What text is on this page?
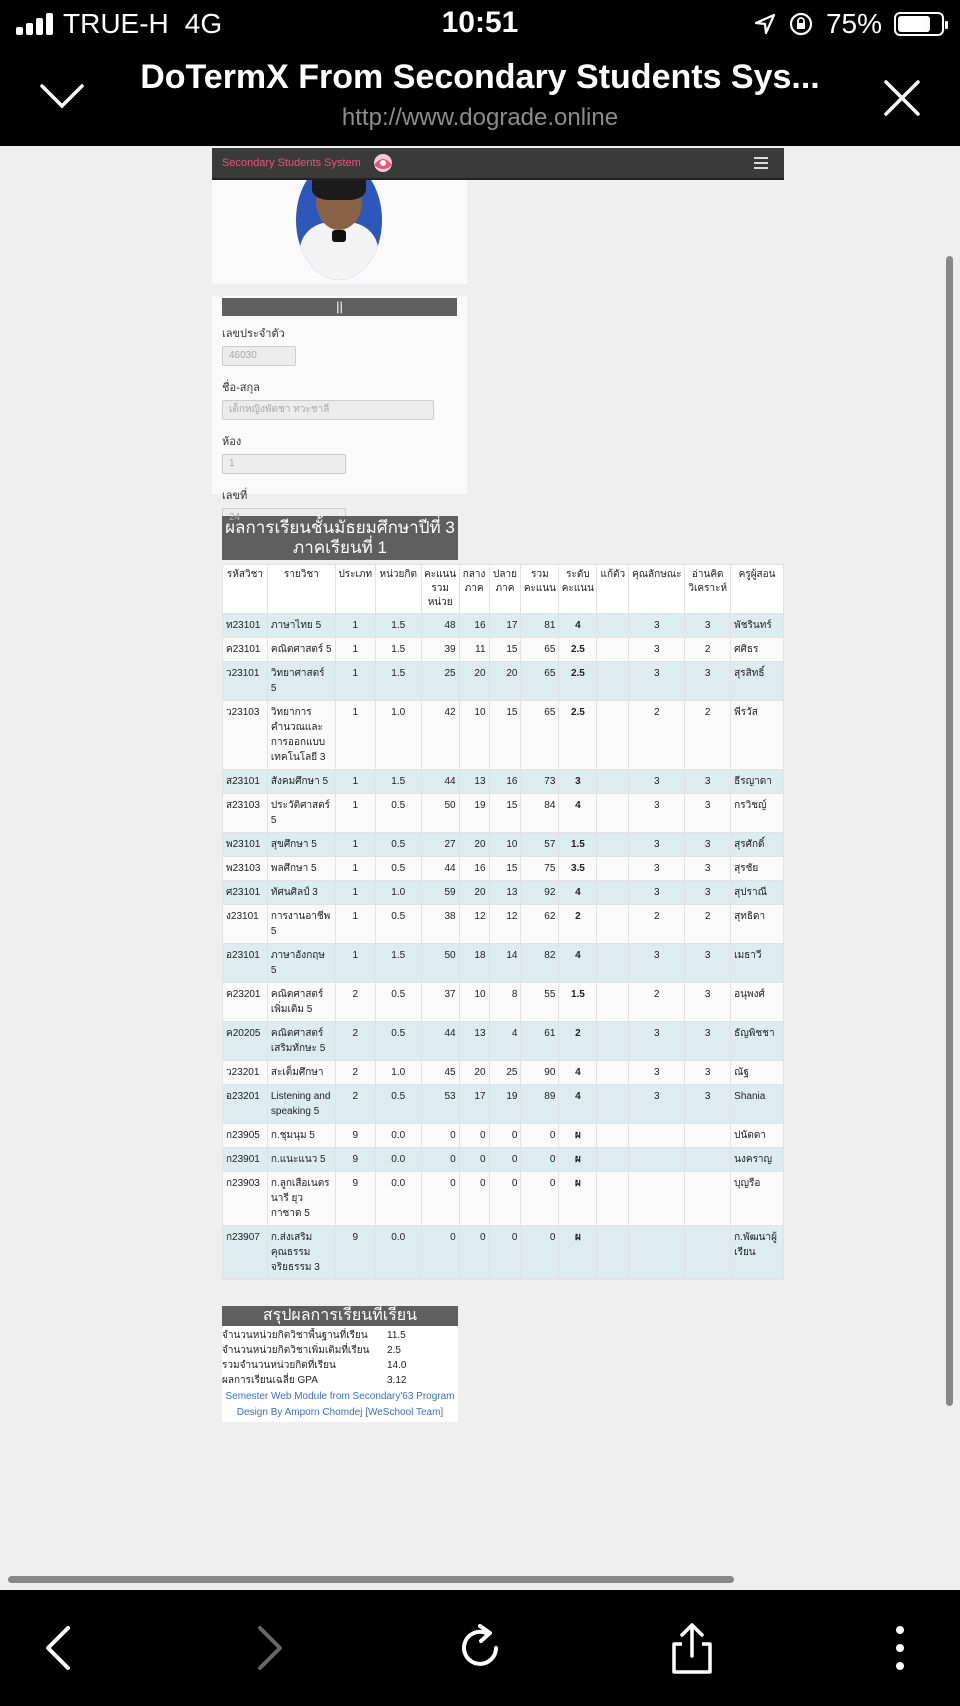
TRUE-H 4G	10:51	75%
DoTermX From Secondary Students Sys...
http://www.dograde.online
Secondary Students System
||
เลขประจำตัว
46030
ชื่อ-สกุล
เด็กหญิงพัดชา ทวะชาลี
ห้อง
1
เลขที่
24
ผลการเรียนชั้นมัธยมศึกษาปีที่ 3 ภาคเรียนที่ 1
รหัสวิชา	รายวิชา	ประเภท	หน่วยกิต	คะแนนรวมหน่วย	กลางภาค	ปลายภาค	รวมคะแนน	ระดับคะแนน	แก้ตัว	คุณลักษณะ	อ่านคิดวิเคราะห์	ครูผู้สอน
ท23101	ภาษาไทย 5	1	1.5	48	16	17	81	4		3	3	พัชรินทร์
ค23101	คณิตศาสตร์ 5	1	1.5	39	11	15	65	2.5		3	2	ศศิธร
ว23101	วิทยาศาสตร์ 5	1	1.5	25	20	20	65	2.5		3	3	สุรสิทธิ์
ว23103	วิทยาการคำนวณและการออกแบบเทคโนโลยี 3	1	1.0	42	10	15	65	2.5		2	2	พีรวัส
ส23101	สังคมศึกษา 5	1	1.5	44	13	16	73	3		3	3	ธีรญาดา
ส23103	ประวัติศาสตร์ 5	1	0.5	50	19	15	84	4		3	3	กรวิชญ์
พ23101	สุขศึกษา 5	1	0.5	27	20	10	57	1.5		3	3	สุรศักดิ์
พ23103	พลศึกษา 5	1	0.5	44	16	15	75	3.5		3	3	สุรชัย
ศ23101	ทัศนศิลป์ 3	1	1.0	59	20	13	92	4		3	3	สุปราณี
ง23101	การงานอาชีพ 5	1	0.5	38	12	12	62	2		2	2	สุทธิดา
อ23101	ภาษาอังกฤษ 5	1	1.5	50	18	14	82	4		3	3	เมธาวี
ค23201	คณิตศาสตร์เพิ่มเติม 5	2	0.5	37	10	8	55	1.5		2	3	อนุพงศ์
ค20205	คณิตศาสตร์เสริมทักษะ 5	2	0.5	44	13	4	61	2		3	3	ธัญพิชชา
ว23201	สะเต็มศึกษา	2	1.0	45	20	25	90	4		3	3	ณัฐ
อ23201	Listening and speaking 5	2	0.5	53	17	19	89	4		3	3	Shania
ก23905	ก.ชุมนุม 5	9	0.0	0	0	0	0	ผ				ปนัดดา
ก23901	ก.แนะแนว 5	9	0.0	0	0	0	0	ผ				นงคราญ
ก23903	ก.ลูกเสือเนตรนารี ยุวกาชาด 5	9	0.0	0	0	0	0	ผ				บุญรือ
ก23907	ก.ส่งเสริมคุณธรรมจริยธรรม 3	9	0.0	0	0	0	0	ผ				ก.พัฒนาผู้เรียน
สรุปผลการเรียนที่เรียน
จำนวนหน่วยกิตวิชาพื้นฐานที่เรียน	11.5
จำนวนหน่วยกิตวิชาเพิ่มเติมที่เรียน	2.5
รวมจำนวนหน่วยกิตที่เรียน	14.0
ผลการเรียนเฉลี่ย GPA	3.12
Semester Web Module from Secondary'63 Program
Design By Amporn Chomdej [WeSchool Team]
